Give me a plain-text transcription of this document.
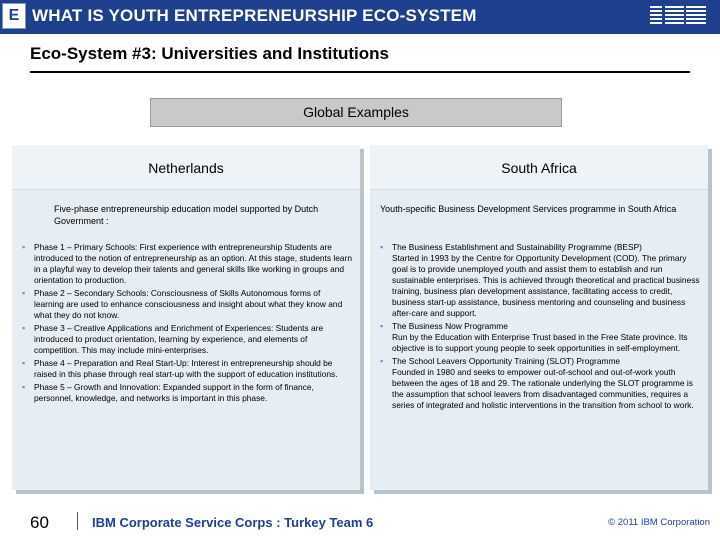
E WHAT IS YOUTH ENTREPRENEURSHIP ECO-SYSTEM
Eco-System #3: Universities and Institutions
Global Examples
Netherlands
Five-phase entrepreneurship education model supported by Dutch Government :
▪ Phase 1 – Primary Schools: First experience with entrepreneurship Students are introduced to the notion of entrepreneurship as an option. At this stage, students learn in a playful way to develop their talents and general skills like working in groups and orientation to production.
▪ Phase 2 – Secondary Schools: Consciousness of Skills Autonomous forms of learning are used to enhance consciousness and insight about what they know and what they do not know.
▪ Phase 3 – Creative Applications and Enrichment of Experiences: Students are introduced to product orientation, learning by experience, and elements of competition. This may include mini-enterprises.
▪ Phase 4 – Preparation and Real Start-Up: Interest in entrepreneurship should be raised in this phase through real start-up with the support of education institutions.
▪ Phase 5 – Growth and Innovation: Expanded support in the form of finance, personnel, knowledge, and networks is important in this phase.
South Africa
Youth-specific Business Development Services programme in South Africa
▪ The Business Establishment and Sustainability Programme (BESP)
Started in 1993 by the Centre for Opportunity Development (COD). The primary goal is to provide unemployed youth and assist them to establish and run sustainable enterprises. This is achieved through theoretical and practical business training, business plan development assistance, facilitating access to credit, business start-up assistance, business mentoring and counseling and business after-care and support.
▪ The Business Now Programme
Run by the Education with Enterprise Trust based in the Free State province. Its objective is to support young people to seek opportunities in self-employment.
▪ The School Leavers Opportunity Training (SLOT) Programme
Founded in 1980 and seeks to empower out-of-school and out-of-work youth between the ages of 18 and 29. The rationale underlying the SLOT programme is the assumption that school leavers from disadvantaged communities, requires a series of integrated and holistic interventions in the transition from school to work.
60	IBM Corporate Service Corps : Turkey Team 6	© 2011 IBM Corporation
